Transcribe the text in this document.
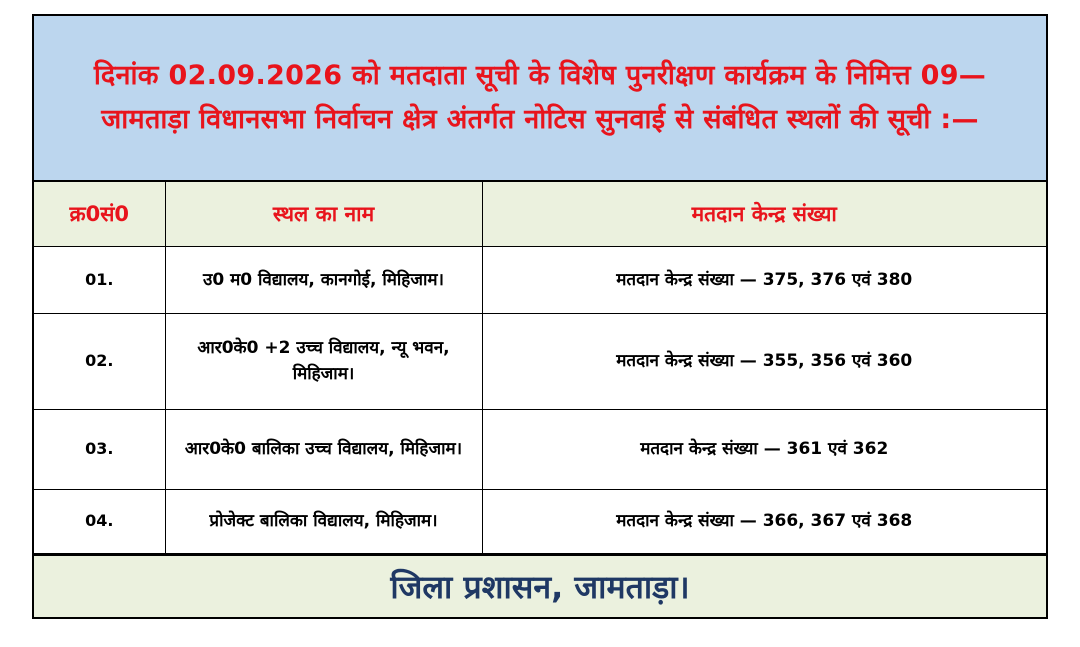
दिनांक 02.09.2026 को मतदाता सूची के विशेष पुनरीक्षण कार्यक्रम के निमित्त 09—जामताड़ा विधानसभा निर्वाचन क्षेत्र अंतर्गत नोटिस सुनवाई से संबंधित स्थलों की सूची :—
क्र0सं0	स्थल का नाम	मतदान केन्द्र संख्या
01.	उ0 म0 विद्यालय, कानगोई, मिहिजाम।	मतदान केन्द्र संख्या — 375, 376 एवं 380
02.	आर0के0 +2 उच्च विद्यालय, न्यू भवन, मिहिजाम।	मतदान केन्द्र संख्या — 355, 356 एवं 360
03.	आर0के0 बालिका उच्च विद्यालय, मिहिजाम।	मतदान केन्द्र संख्या — 361 एवं 362
04.	प्रोजेक्ट बालिका विद्यालय, मिहिजाम।	मतदान केन्द्र संख्या — 366, 367 एवं 368
जिला प्रशासन, जामताड़ा।
